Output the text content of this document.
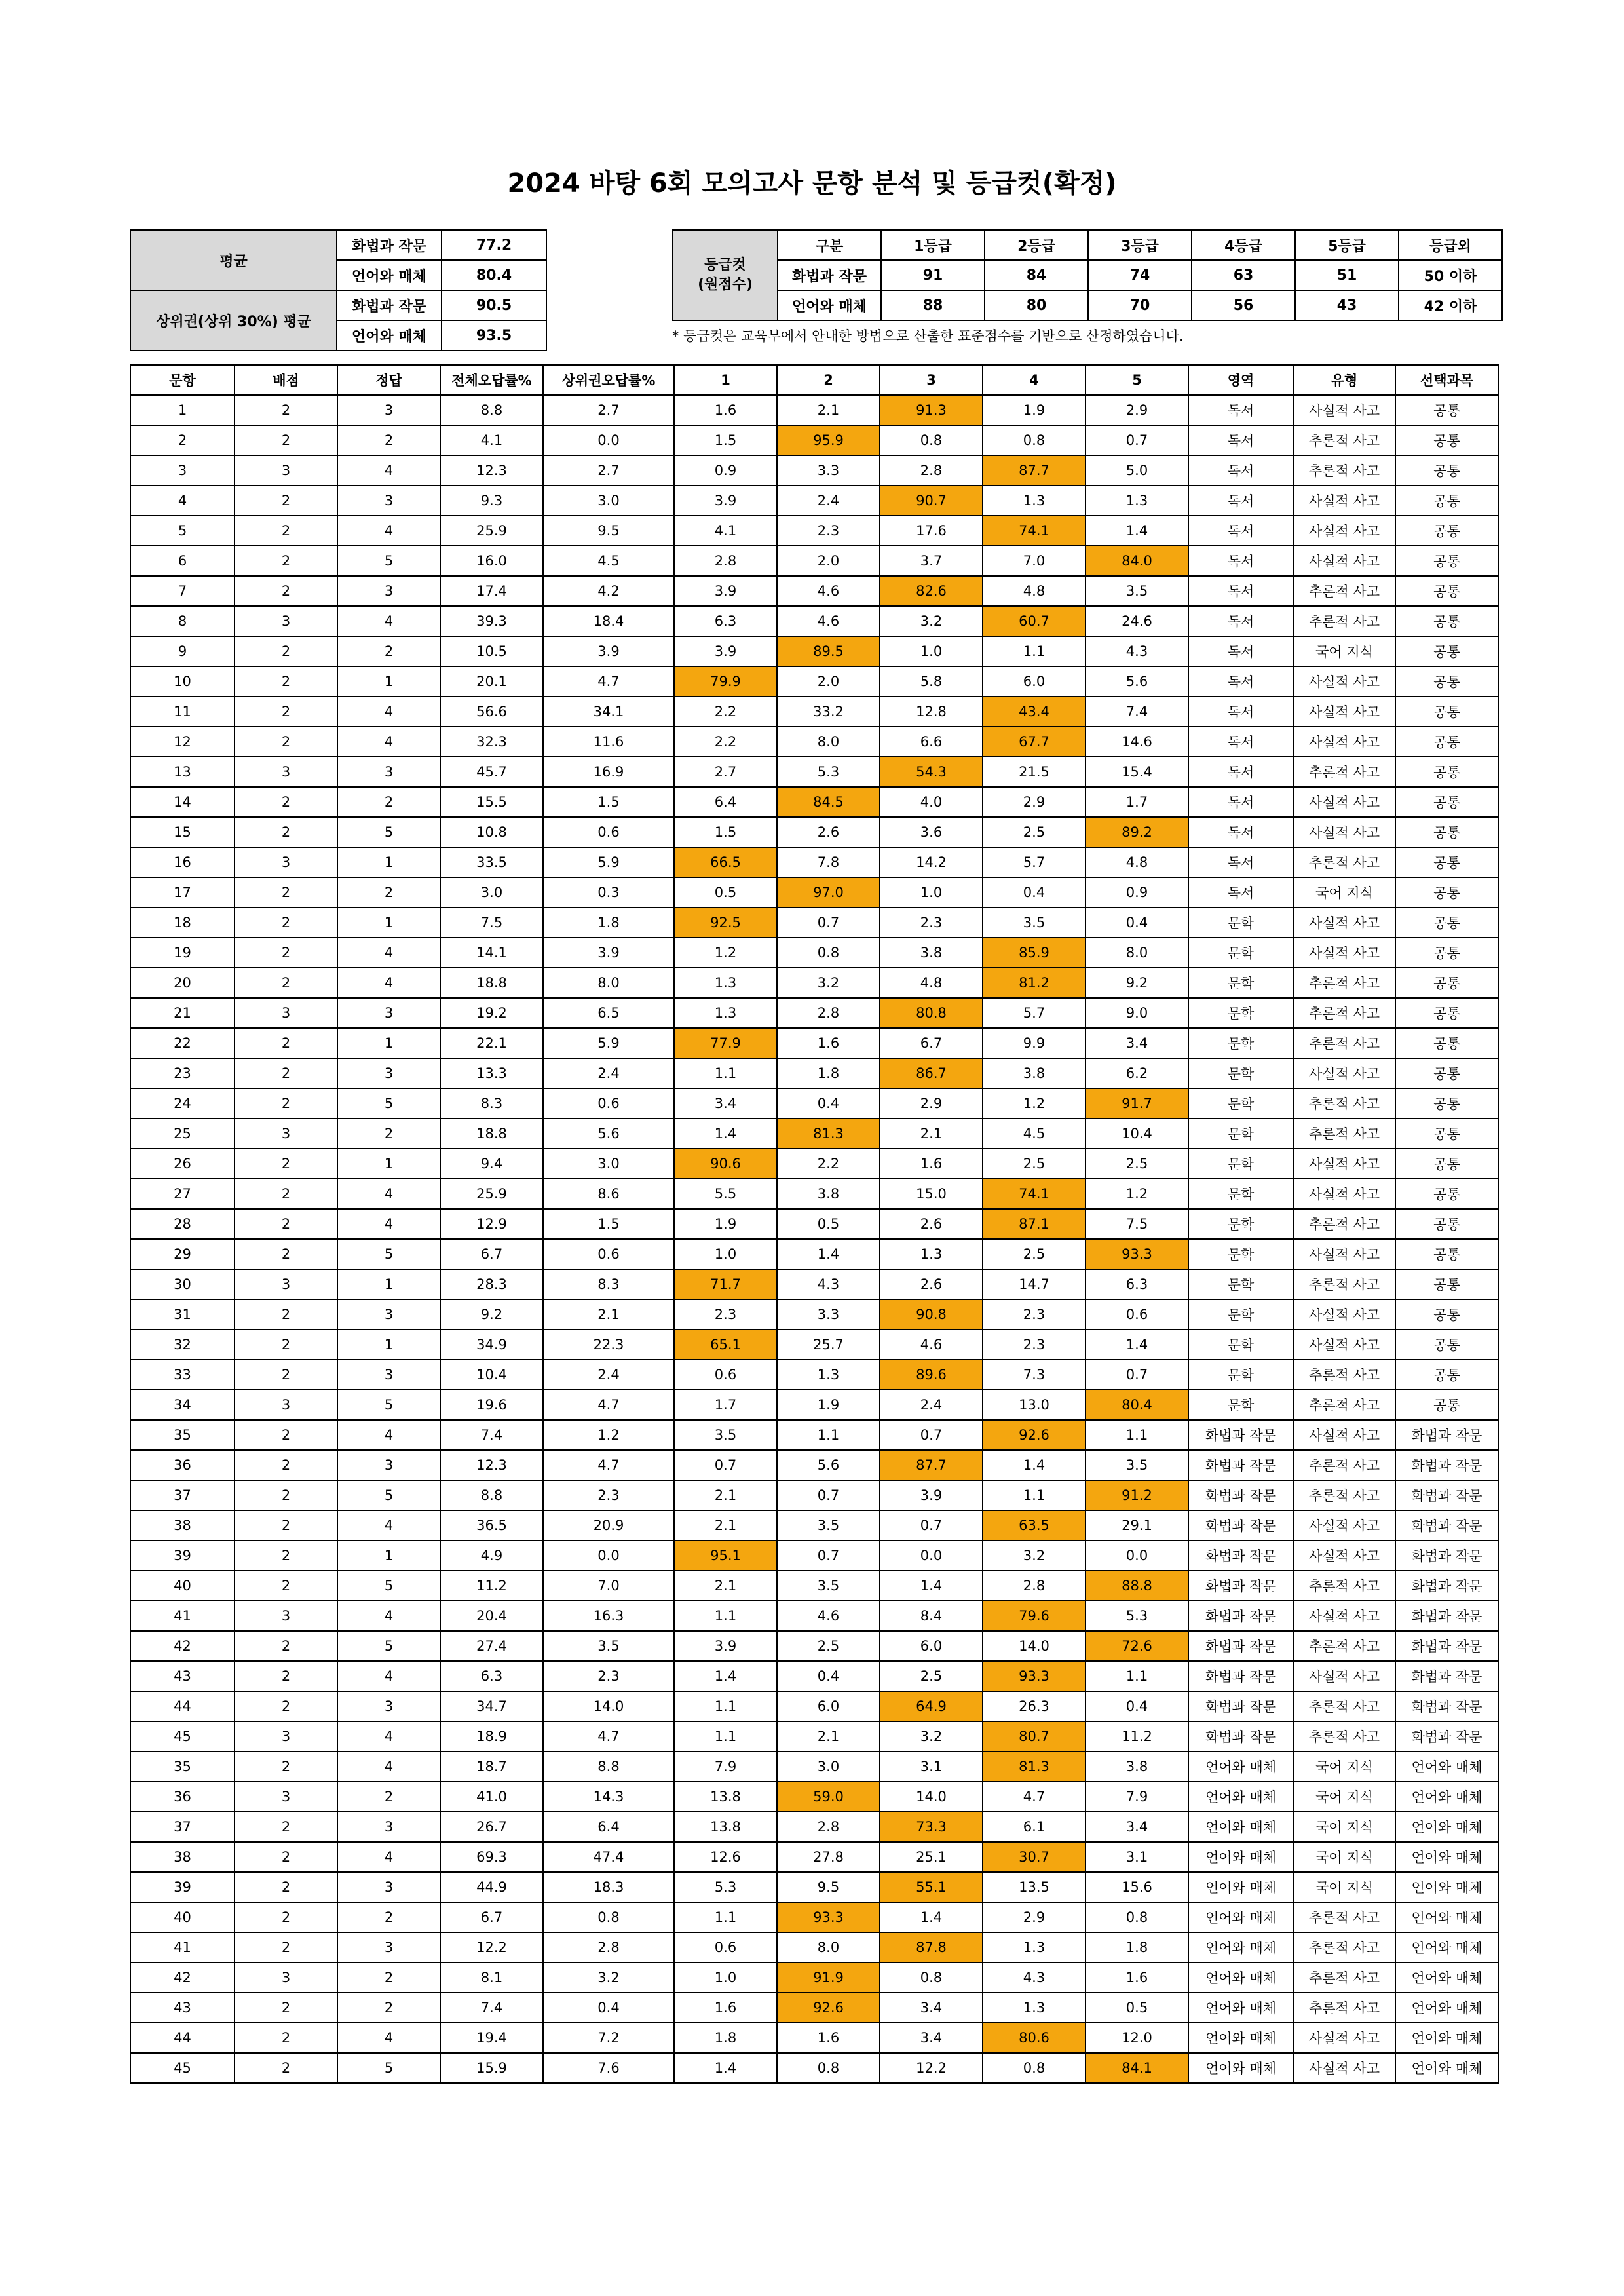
2024 바탕 6회 모의고사 문항 분석 및 등급컷(확정)
평균	화법과 작문	77.2
	언어와 매체	80.4
상위권(상위 30%) 평균	화법과 작문	90.5
	언어와 매체	93.5
등급컷
(원점수)	구분	1등급	2등급	3등급	4등급	5등급	등급외
	화법과 작문	91	84	74	63	51	50 이하
	언어와 매체	88	80	70	56	43	42 이하
* 등급컷은 교육부에서 안내한 방법으로 산출한 표준점수를 기반으로 산정하였습니다.
문항	배점	정답	전체오답률%	상위권오답률%	1	2	3	4	5	영역	유형	선택과목
1	2	3	8.8	2.7	1.6	2.1	91.3	1.9	2.9	독서	사실적 사고	공통
2	2	2	4.1	0.0	1.5	95.9	0.8	0.8	0.7	독서	추론적 사고	공통
3	3	4	12.3	2.7	0.9	3.3	2.8	87.7	5.0	독서	추론적 사고	공통
4	2	3	9.3	3.0	3.9	2.4	90.7	1.3	1.3	독서	사실적 사고	공통
5	2	4	25.9	9.5	4.1	2.3	17.6	74.1	1.4	독서	사실적 사고	공통
6	2	5	16.0	4.5	2.8	2.0	3.7	7.0	84.0	독서	사실적 사고	공통
7	2	3	17.4	4.2	3.9	4.6	82.6	4.8	3.5	독서	추론적 사고	공통
8	3	4	39.3	18.4	6.3	4.6	3.2	60.7	24.6	독서	추론적 사고	공통
9	2	2	10.5	3.9	3.9	89.5	1.0	1.1	4.3	독서	국어 지식	공통
10	2	1	20.1	4.7	79.9	2.0	5.8	6.0	5.6	독서	사실적 사고	공통
11	2	4	56.6	34.1	2.2	33.2	12.8	43.4	7.4	독서	사실적 사고	공통
12	2	4	32.3	11.6	2.2	8.0	6.6	67.7	14.6	독서	사실적 사고	공통
13	3	3	45.7	16.9	2.7	5.3	54.3	21.5	15.4	독서	추론적 사고	공통
14	2	2	15.5	1.5	6.4	84.5	4.0	2.9	1.7	독서	사실적 사고	공통
15	2	5	10.8	0.6	1.5	2.6	3.6	2.5	89.2	독서	사실적 사고	공통
16	3	1	33.5	5.9	66.5	7.8	14.2	5.7	4.8	독서	추론적 사고	공통
17	2	2	3.0	0.3	0.5	97.0	1.0	0.4	0.9	독서	국어 지식	공통
18	2	1	7.5	1.8	92.5	0.7	2.3	3.5	0.4	문학	사실적 사고	공통
19	2	4	14.1	3.9	1.2	0.8	3.8	85.9	8.0	문학	사실적 사고	공통
20	2	4	18.8	8.0	1.3	3.2	4.8	81.2	9.2	문학	추론적 사고	공통
21	3	3	19.2	6.5	1.3	2.8	80.8	5.7	9.0	문학	추론적 사고	공통
22	2	1	22.1	5.9	77.9	1.6	6.7	9.9	3.4	문학	추론적 사고	공통
23	2	3	13.3	2.4	1.1	1.8	86.7	3.8	6.2	문학	사실적 사고	공통
24	2	5	8.3	0.6	3.4	0.4	2.9	1.2	91.7	문학	추론적 사고	공통
25	3	2	18.8	5.6	1.4	81.3	2.1	4.5	10.4	문학	추론적 사고	공통
26	2	1	9.4	3.0	90.6	2.2	1.6	2.5	2.5	문학	사실적 사고	공통
27	2	4	25.9	8.6	5.5	3.8	15.0	74.1	1.2	문학	사실적 사고	공통
28	2	4	12.9	1.5	1.9	0.5	2.6	87.1	7.5	문학	추론적 사고	공통
29	2	5	6.7	0.6	1.0	1.4	1.3	2.5	93.3	문학	사실적 사고	공통
30	3	1	28.3	8.3	71.7	4.3	2.6	14.7	6.3	문학	추론적 사고	공통
31	2	3	9.2	2.1	2.3	3.3	90.8	2.3	0.6	문학	사실적 사고	공통
32	2	1	34.9	22.3	65.1	25.7	4.6	2.3	1.4	문학	사실적 사고	공통
33	2	3	10.4	2.4	0.6	1.3	89.6	7.3	0.7	문학	추론적 사고	공통
34	3	5	19.6	4.7	1.7	1.9	2.4	13.0	80.4	문학	추론적 사고	공통
35	2	4	7.4	1.2	3.5	1.1	0.7	92.6	1.1	화법과 작문	사실적 사고	화법과 작문
36	2	3	12.3	4.7	0.7	5.6	87.7	1.4	3.5	화법과 작문	추론적 사고	화법과 작문
37	2	5	8.8	2.3	2.1	0.7	3.9	1.1	91.2	화법과 작문	추론적 사고	화법과 작문
38	2	4	36.5	20.9	2.1	3.5	0.7	63.5	29.1	화법과 작문	사실적 사고	화법과 작문
39	2	1	4.9	0.0	95.1	0.7	0.0	3.2	0.0	화법과 작문	사실적 사고	화법과 작문
40	2	5	11.2	7.0	2.1	3.5	1.4	2.8	88.8	화법과 작문	추론적 사고	화법과 작문
41	3	4	20.4	16.3	1.1	4.6	8.4	79.6	5.3	화법과 작문	사실적 사고	화법과 작문
42	2	5	27.4	3.5	3.9	2.5	6.0	14.0	72.6	화법과 작문	추론적 사고	화법과 작문
43	2	4	6.3	2.3	1.4	0.4	2.5	93.3	1.1	화법과 작문	사실적 사고	화법과 작문
44	2	3	34.7	14.0	1.1	6.0	64.9	26.3	0.4	화법과 작문	추론적 사고	화법과 작문
45	3	4	18.9	4.7	1.1	2.1	3.2	80.7	11.2	화법과 작문	추론적 사고	화법과 작문
35	2	4	18.7	8.8	7.9	3.0	3.1	81.3	3.8	언어와 매체	국어 지식	언어와 매체
36	3	2	41.0	14.3	13.8	59.0	14.0	4.7	7.9	언어와 매체	국어 지식	언어와 매체
37	2	3	26.7	6.4	13.8	2.8	73.3	6.1	3.4	언어와 매체	국어 지식	언어와 매체
38	2	4	69.3	47.4	12.6	27.8	25.1	30.7	3.1	언어와 매체	국어 지식	언어와 매체
39	2	3	44.9	18.3	5.3	9.5	55.1	13.5	15.6	언어와 매체	국어 지식	언어와 매체
40	2	2	6.7	0.8	1.1	93.3	1.4	2.9	0.8	언어와 매체	추론적 사고	언어와 매체
41	2	3	12.2	2.8	0.6	8.0	87.8	1.3	1.8	언어와 매체	추론적 사고	언어와 매체
42	3	2	8.1	3.2	1.0	91.9	0.8	4.3	1.6	언어와 매체	추론적 사고	언어와 매체
43	2	2	7.4	0.4	1.6	92.6	3.4	1.3	0.5	언어와 매체	추론적 사고	언어와 매체
44	2	4	19.4	7.2	1.8	1.6	3.4	80.6	12.0	언어와 매체	사실적 사고	언어와 매체
45	2	5	15.9	7.6	1.4	0.8	12.2	0.8	84.1	언어와 매체	사실적 사고	언어와 매체
